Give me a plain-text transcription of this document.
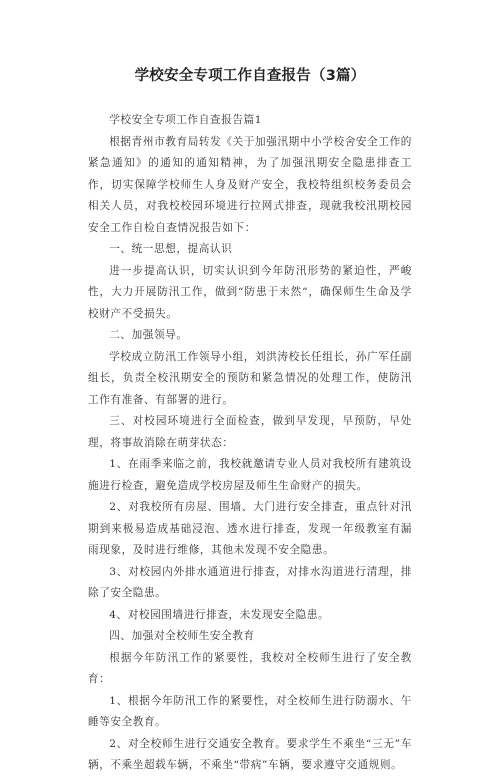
学校安全专项工作自查报告（3篇）

学校安全专项工作自查报告篇1

根据青州市教育局转发《关于加强汛期中小学校舍安全工作的紧急通知》的通知的通知精神，为了加强汛期安全隐患排查工作，切实保障学校师生人身及财产安全，我校特组织校务委员会相关人员，对我校校园环境进行拉网式排查，现就我校汛期校园安全工作自检自查情况报告如下：

一、统一思想，提高认识

进一步提高认识，切实认识到今年防汛形势的紧迫性，严峻性，大力开展防汛工作，做到“防患于未然“，确保师生生命及学校财产不受损失。

二、加强领导。

学校成立防汛工作领导小组，刘洪涛校长任组长，孙广军任副组长，负责全校汛期安全的预防和紧急情况的处理工作，使防汛工作有准备、有部署的进行。

三、对校园环境进行全面检查，做到早发现，早预防，早处理，将事故消除在萌芽状态：

1、在雨季来临之前，我校就邀请专业人员对我校所有建筑设施进行检查，避免造成学校房屋及师生生命财产的损失。

2、对我校所有房屋、围墙、大门进行安全排查，重点针对汛期到来极易造成基础浸泡、透水进行排查，发现一年级教室有漏雨现象，及时进行维修，其他未发现不安全隐患。

3、对校园内外排水通道进行排查，对排水沟道进行清理，排除了安全隐患。

4、对校园围墙进行排查，未发现安全隐患。

四、加强对全校师生安全教育

根据今年防汛工作的紧要性，我校对全校师生进行了安全教育：

1、根据今年防汛工作的紧要性，对全校师生进行防溺水、午睡等安全教育。

2、对全校师生进行交通安全教育。要求学生不乘坐“三无”车辆，不乘坐超载车辆，不乘坐“带病”车辆，要求遵守交通规则。
